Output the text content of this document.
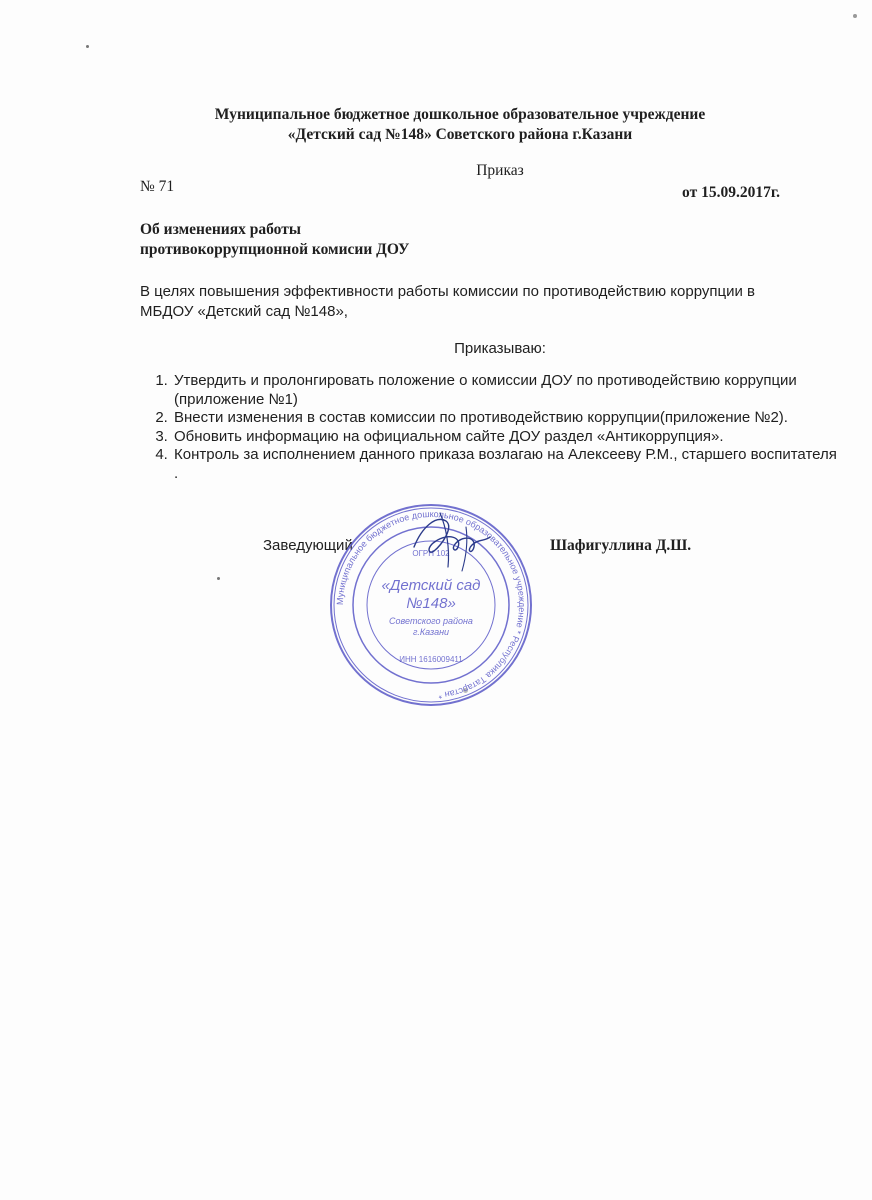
Муниципальное бюджетное дошкольное образовательное учреждение
«Детский сад №148» Советского района г.Казани
Приказ
№ 71	от 15.09.2017г.
Об изменениях работы
противокоррупционной комисии ДОУ
В целях повышения эффективности работы комиссии по противодействию коррупции в МБДОУ «Детский сад №148»,
Приказываю:
1. Утвердить и пролонгировать положение о комиссии ДОУ по противодействию коррупции (приложение №1)
2. Внести изменения в состав комиссии по противодействию коррупции(приложение №2).
3. Обновить информацию на официальном сайте ДОУ раздел «Антикоррупция».
4. Контроль за исполнением данного приказа возлагаю на Алексееву Р.М., старшего воспитателя .
Заведующий	Шафигуллина Д.Ш.
Муниципальное бюджетное дошкольное образовательное учреждение * Республика Татарстан *
«Детский сад
№148»
Советского района
г.Казани
ОГРН 102
ИНН 1616009411
